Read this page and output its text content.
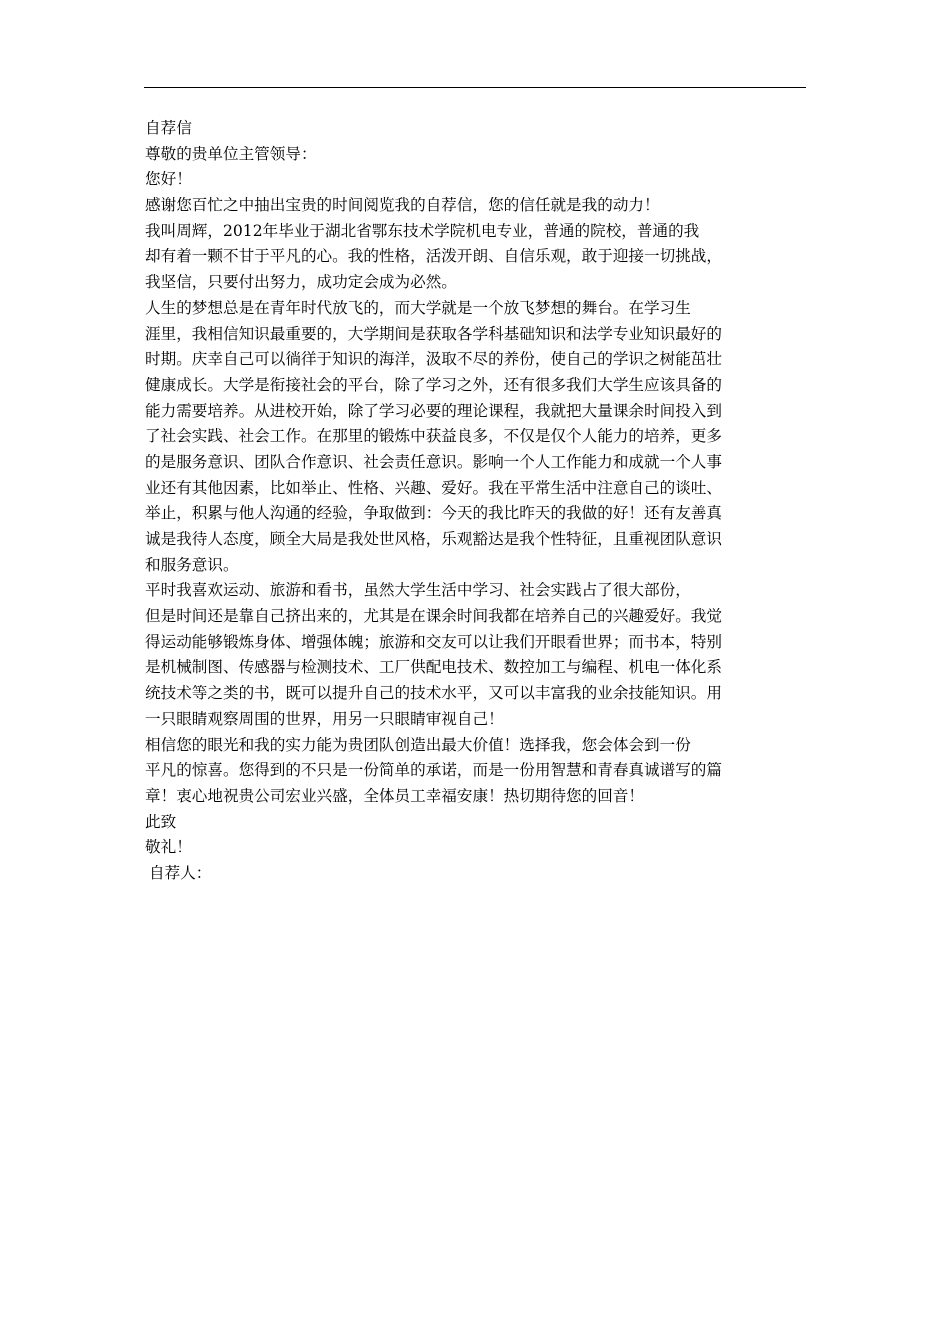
自荐信
尊敬的贵单位主管领导：
您好！
感谢您百忙之中抽出宝贵的时间阅览我的自荐信，您的信任就是我的动力！
我叫周辉，2012年毕业于湖北省鄂东技术学院机电专业，普通的院校，普通的我
却有着一颗不甘于平凡的心。我的性格，活泼开朗、自信乐观，敢于迎接一切挑战，
我坚信，只要付出努力，成功定会成为必然。
人生的梦想总是在青年时代放飞的，而大学就是一个放飞梦想的舞台。在学习生
涯里，我相信知识最重要的，大学期间是获取各学科基础知识和法学专业知识最好的
时期。庆幸自己可以徜徉于知识的海洋，汲取不尽的养份，使自己的学识之树能茁壮
健康成长。大学是衔接社会的平台，除了学习之外，还有很多我们大学生应该具备的
能力需要培养。从进校开始，除了学习必要的理论课程，我就把大量课余时间投入到
了社会实践、社会工作。在那里的锻炼中获益良多，不仅是仅个人能力的培养，更多
的是服务意识、团队合作意识、社会责任意识。影响一个人工作能力和成就一个人事
业还有其他因素，比如举止、性格、兴趣、爱好。我在平常生活中注意自己的谈吐、
举止，积累与他人沟通的经验，争取做到：今天的我比昨天的我做的好！还有友善真
诚是我待人态度，顾全大局是我处世风格，乐观豁达是我个性特征，且重视团队意识
和服务意识。
平时我喜欢运动、旅游和看书，虽然大学生活中学习、社会实践占了很大部份，
但是时间还是靠自己挤出来的，尤其是在课余时间我都在培养自己的兴趣爱好。我觉
得运动能够锻炼身体、增强体魄；旅游和交友可以让我们开眼看世界；而书本，特别
是机械制图、传感器与检测技术、工厂供配电技术、数控加工与编程、机电一体化系
统技术等之类的书，既可以提升自己的技术水平，又可以丰富我的业余技能知识。用
一只眼睛观察周围的世界，用另一只眼睛审视自己！
相信您的眼光和我的实力能为贵团队创造出最大价值！选择我，您会体会到一份
平凡的惊喜。您得到的不只是一份简单的承诺，而是一份用智慧和青春真诚谱写的篇
章！衷心地祝贵公司宏业兴盛，全体员工幸福安康！热切期待您的回音！
此致
敬礼！
自荐人：
